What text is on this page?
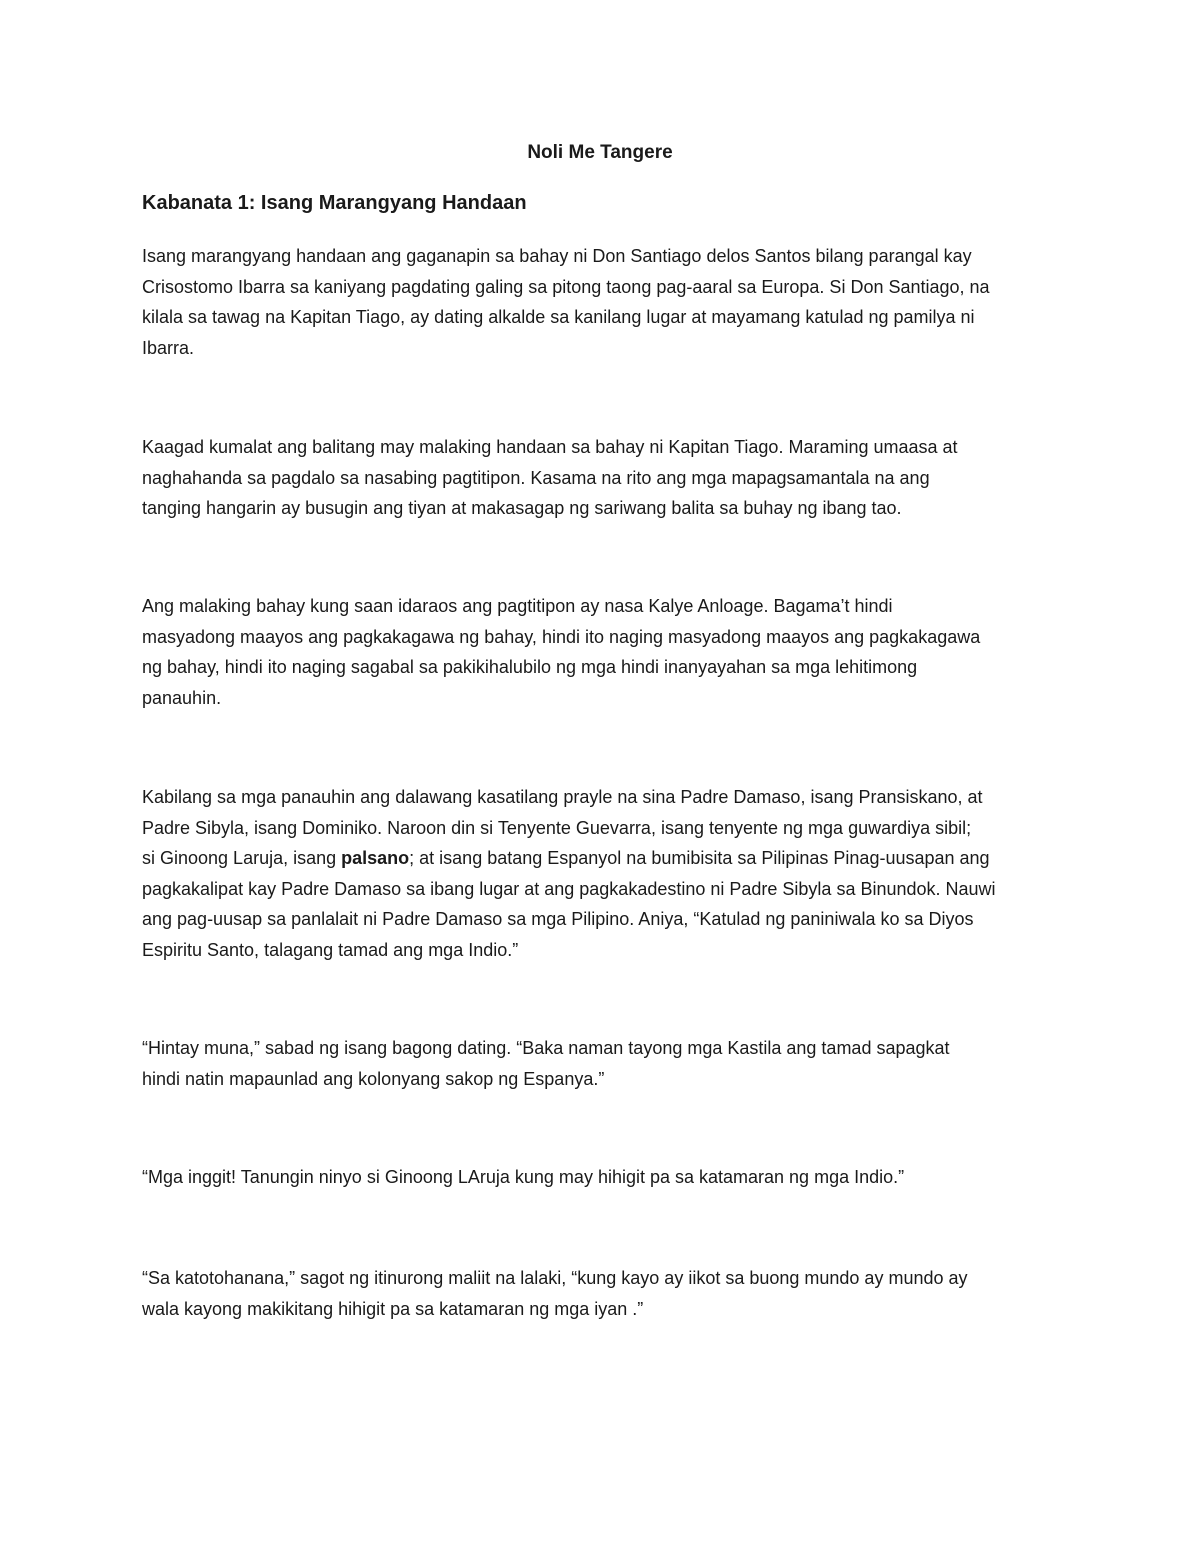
Noli Me Tangere
Kabanata 1: Isang Marangyang Handaan
Isang marangyang handaan ang gaganapin sa bahay ni Don Santiago delos Santos bilang parangal kay
Crisostomo Ibarra sa kaniyang pagdating galing sa pitong taong pag-aaral sa Europa. Si Don Santiago, na
kilala sa tawag na Kapitan Tiago, ay dating alkalde sa kanilang lugar at mayamang katulad ng pamilya ni
Ibarra.
Kaagad kumalat ang balitang may malaking handaan sa bahay ni Kapitan Tiago. Maraming umaasa at
naghahanda sa pagdalo sa nasabing pagtitipon. Kasama na rito ang mga mapagsamantala na ang
tanging hangarin ay busugin ang tiyan at makasagap ng sariwang balita sa buhay ng ibang tao.
Ang malaking bahay kung saan idaraos ang pagtitipon ay nasa Kalye Anloage. Bagama’t hindi
masyadong maayos ang pagkakagawa ng bahay, hindi ito naging masyadong maayos ang pagkakagawa
ng bahay, hindi ito naging sagabal sa pakikihalubilo ng mga hindi inanyayahan sa mga lehitimong
panauhin.
Kabilang sa mga panauhin ang dalawang kasatilang prayle na sina Padre Damaso, isang Pransiskano, at
Padre Sibyla, isang Dominiko. Naroon din si Tenyente Guevarra, isang tenyente ng mga guwardiya sibil;
si Ginoong Laruja, isang palsano; at isang batang Espanyol na bumibisita sa Pilipinas Pinag-uusapan ang
pagkakalipat kay Padre Damaso sa ibang lugar at ang pagkakadestino ni Padre Sibyla sa Binundok. Nauwi
ang pag-uusap sa panlalait ni Padre Damaso sa mga Pilipino. Aniya, “Katulad ng paniniwala ko sa Diyos
Espiritu Santo, talagang tamad ang mga Indio.”
“Hintay muna,” sabad ng isang bagong dating. “Baka naman tayong mga Kastila ang tamad sapagkat
hindi natin mapaunlad ang kolonyang sakop ng Espanya.”
“Mga inggit! Tanungin ninyo si Ginoong LAruja kung may hihigit pa sa katamaran ng mga Indio.”
“Sa katotohanana,” sagot ng itinurong maliit na lalaki, “kung kayo ay iikot sa buong mundo ay mundo ay
wala kayong makikitang hihigit pa sa katamaran ng mga iyan .”
